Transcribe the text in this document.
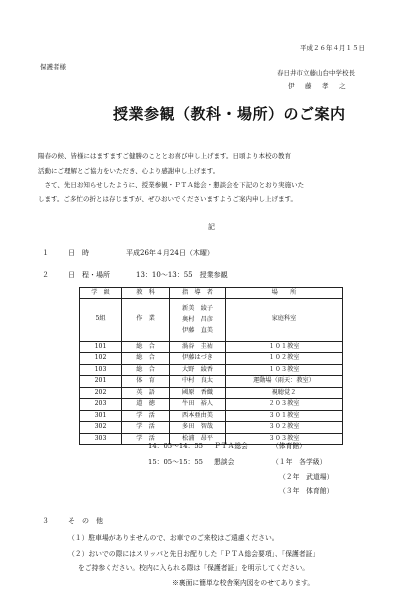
平成２６年４月１５日
保護者様
春日井市立藤山台中学校長
伊　藤　孝　之
授業参観（教科・場所）のご案内
陽春の候、皆様にはますますご健勝のこととお喜び申し上げます。日頃より本校の教育
活動にご理解とご協力をいただき、心より感謝申し上げます。
　さて、先日お知らせしたように、授業参観・ＰＴＡ総会・懇談会を下記のとおり実施いた
します。ご多忙の折とは存じますが、ぜひおいでくださいますようご案内申し上げます。
記
１	日　時	平成26年４月24日（木曜）
２	日　程・場所	13：10～13：55　授業参観
学　級	教　科	指　導　者	場　　所
5組	作　業	新美　綾子
奥村　昌彦
伊藤　直美	家庭科室
101	総　合	渦谷　圭祐	１０１教室
102	総　合	伊藤はづき	１０２教室
103	総　合	大野　綾香	１０３教室
201	体　育	中村　良太	運動場（雨天：教室）
202	英　語	國原　香織	視聴覚２
203	道　徳	牛田　裕人	２０３教室
301	学　活	西本亜由美	３０１教室
302	学　活	多田　智哉	３０２教室
303	学　活	松浦　昂平	３０３教室
14：05～14：55 ＰＴＡ総会	（体育館）
15：05～15：55 懇談会	（１年　各学級）
（２年　武道場）
（３年　体育館）
３	そ　の　他
（１）駐車場がありませんので、お車でのご来校はご遠慮ください。
（２）おいでの際にはスリッパと先日お配りした「ＰＴＡ総会要項」、「保護者証」
をご持参ください。校内に入られる際は「保護者証」を明示してください。
※裏面に簡単な校舎案内図をのせてあります。
